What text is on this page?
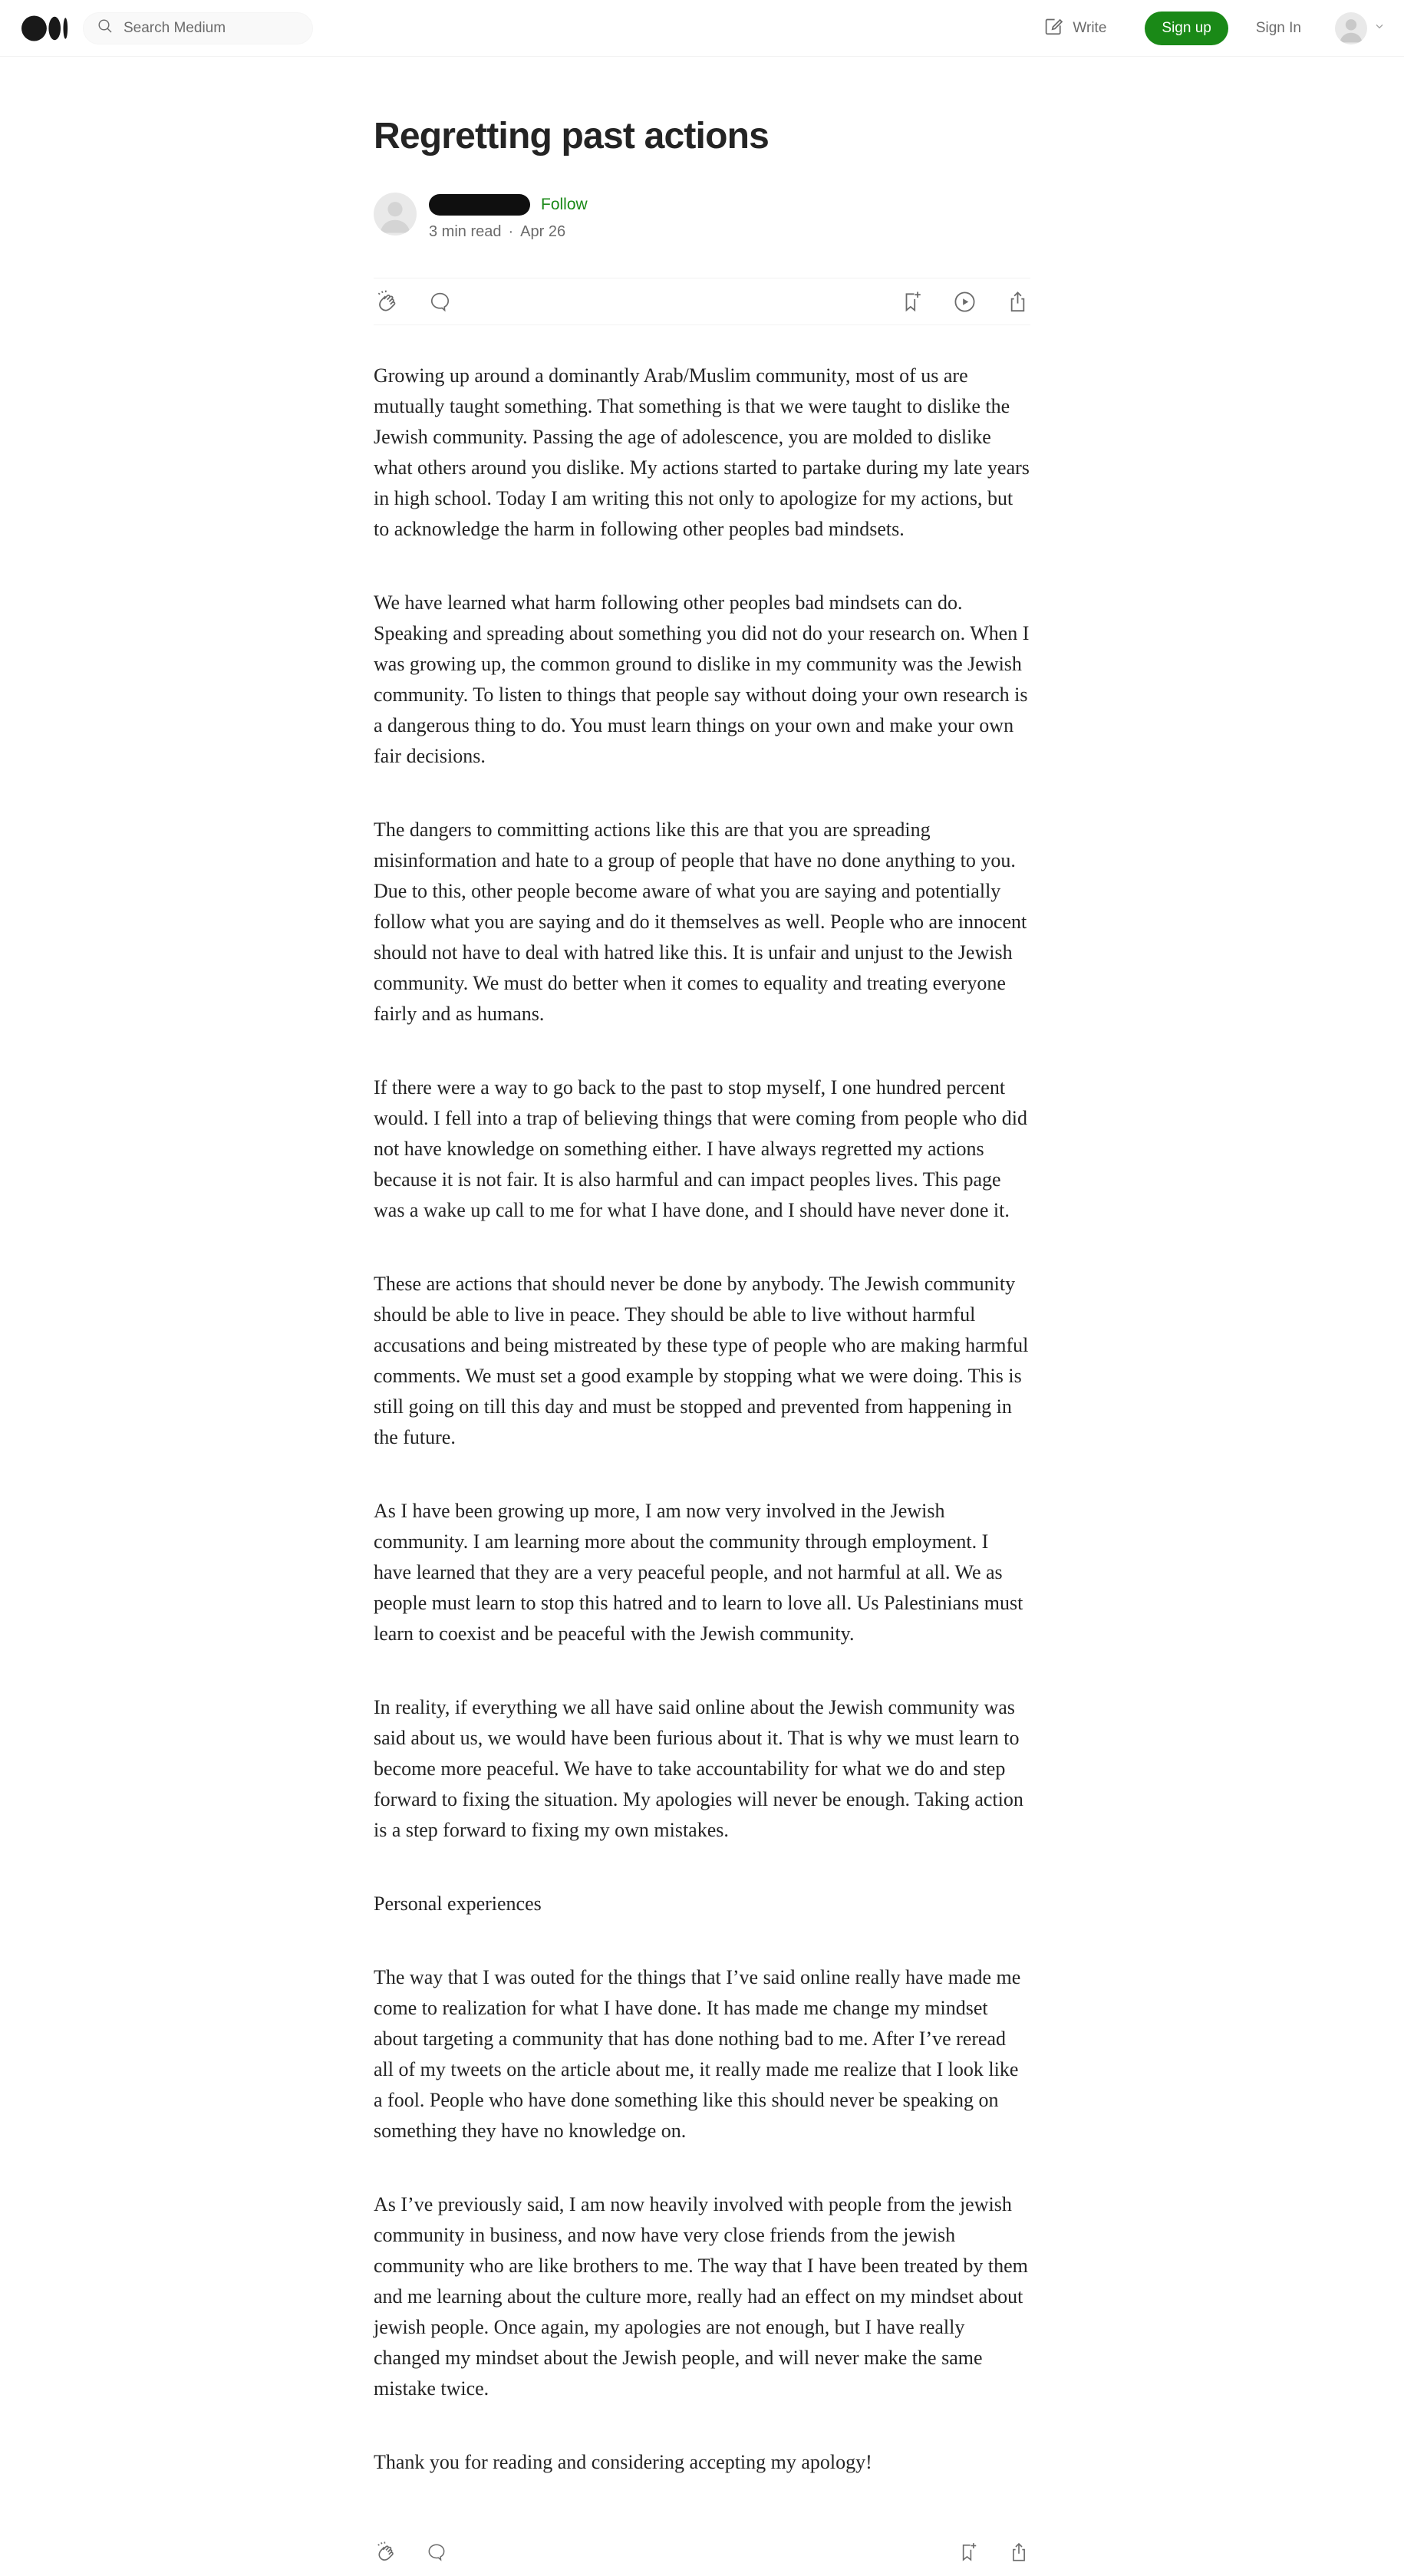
Search Medium
Write	Sign up	Sign In
Regretting past actions
Follow
3 min read · Apr 26

Growing up around a dominantly Arab/Muslim community, most of us are mutually taught something. That something is that we were taught to dislike the Jewish community. Passing the age of adolescence, you are molded to dislike what others around you dislike. My actions started to partake during my late years in high school. Today I am writing this not only to apologize for my actions, but to acknowledge the harm in following other peoples bad mindsets.

We have learned what harm following other peoples bad mindsets can do. Speaking and spreading about something you did not do your research on. When I was growing up, the common ground to dislike in my community was the Jewish community. To listen to things that people say without doing your own research is a dangerous thing to do. You must learn things on your own and make your own fair decisions.

The dangers to committing actions like this are that you are spreading misinformation and hate to a group of people that have no done anything to you. Due to this, other people become aware of what you are saying and potentially follow what you are saying and do it themselves as well. People who are innocent should not have to deal with hatred like this. It is unfair and unjust to the Jewish community. We must do better when it comes to equality and treating everyone fairly and as humans.

If there were a way to go back to the past to stop myself, I one hundred percent would. I fell into a trap of believing things that were coming from people who did not have knowledge on something either. I have always regretted my actions because it is not fair. It is also harmful and can impact peoples lives. This page was a wake up call to me for what I have done, and I should have never done it.

These are actions that should never be done by anybody. The Jewish community should be able to live in peace. They should be able to live without harmful accusations and being mistreated by these type of people who are making harmful comments. We must set a good example by stopping what we were doing. This is still going on till this day and must be stopped and prevented from happening in the future.

As I have been growing up more, I am now very involved in the Jewish community. I am learning more about the community through employment. I have learned that they are a very peaceful people, and not harmful at all. We as people must learn to stop this hatred and to learn to love all. Us Palestinians must learn to coexist and be peaceful with the Jewish community.

In reality, if everything we all have said online about the Jewish community was said about us, we would have been furious about it. That is why we must learn to become more peaceful. We have to take accountability for what we do and step forward to fixing the situation. My apologies will never be enough. Taking action is a step forward to fixing my own mistakes.

Personal experiences

The way that I was outed for the things that I’ve said online really have made me come to realization for what I have done. It has made me change my mindset about targeting a community that has done nothing bad to me. After I’ve reread all of my tweets on the article about me, it really made me realize that I look like a fool. People who have done something like this should never be speaking on something they have no knowledge on.

As I’ve previously said, I am now heavily involved with people from the jewish community in business, and now have very close friends from the jewish community who are like brothers to me. The way that I have been treated by them and me learning about the culture more, really had an effect on my mindset about jewish people. Once again, my apologies are not enough, but I have really changed my mindset about the Jewish people, and will never make the same mistake twice.

Thank you for reading and considering accepting my apology!
